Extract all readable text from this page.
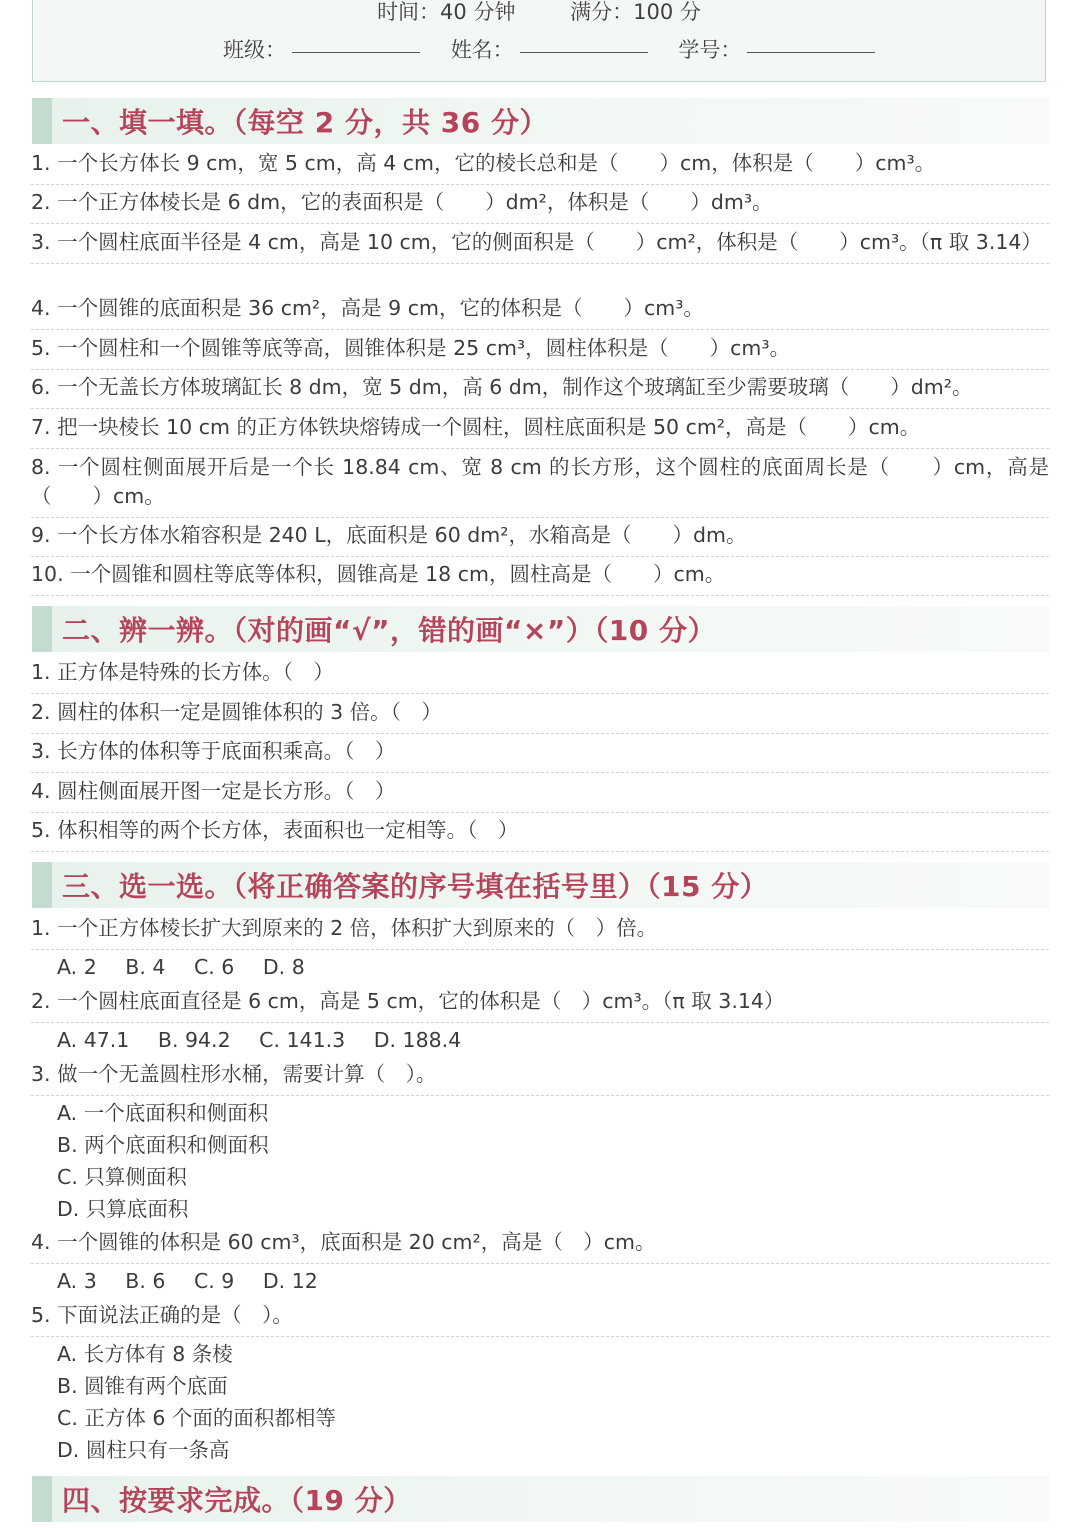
时间：40 分钟	满分：100 分
班级：	姓名：	学号：
一、填一填。（每空 2 分，共 36 分）
1. 一个长方体长 9 cm，宽 5 cm，高 4 cm，它的棱长总和是（　　）cm，体积是（　　）cm³。
2. 一个正方体棱长是 6 dm，它的表面积是（　　）dm²，体积是（　　）dm³。
3. 一个圆柱底面半径是 4 cm，高是 10 cm，它的侧面积是（　　）cm²，体积是（　　）cm³。（π 取 3.14）
4. 一个圆锥的底面积是 36 cm²，高是 9 cm，它的体积是（　　）cm³。
5. 一个圆柱和一个圆锥等底等高，圆锥体积是 25 cm³，圆柱体积是（　　）cm³。
6. 一个无盖长方体玻璃缸长 8 dm，宽 5 dm，高 6 dm，制作这个玻璃缸至少需要玻璃（　　）dm²。
7. 把一块棱长 10 cm 的正方体铁块熔铸成一个圆柱，圆柱底面积是 50 cm²，高是（　　）cm。
8. 一个圆柱侧面展开后是一个长 18.84 cm、宽 8 cm 的长方形，这个圆柱的底面周长是（　　）cm，高是（　　）cm。
9. 一个长方体水箱容积是 240 L，底面积是 60 dm²，水箱高是（　　）dm。
10. 一个圆锥和圆柱等底等体积，圆锥高是 18 cm，圆柱高是（　　）cm。
二、辨一辨。（对的画“√”，错的画“×”）（10 分）
1. 正方体是特殊的长方体。（　）
2. 圆柱的体积一定是圆锥体积的 3 倍。（　）
3. 长方体的体积等于底面积乘高。（　）
4. 圆柱侧面展开图一定是长方形。（　）
5. 体积相等的两个长方体，表面积也一定相等。（　）
三、选一选。（将正确答案的序号填在括号里）（15 分）
1. 一个正方体棱长扩大到原来的 2 倍，体积扩大到原来的（　）倍。
A. 2 B. 4 C. 6 D. 8
2. 一个圆柱底面直径是 6 cm，高是 5 cm，它的体积是（　）cm³。（π 取 3.14）
A. 47.1 B. 94.2 C. 141.3 D. 188.4
3. 做一个无盖圆柱形水桶，需要计算（　）。
A. 一个底面积和侧面积
B. 两个底面积和侧面积
C. 只算侧面积
D. 只算底面积
4. 一个圆锥的体积是 60 cm³，底面积是 20 cm²，高是（　）cm。
A. 3 B. 6 C. 9 D. 12
5. 下面说法正确的是（　）。
A. 长方体有 8 条棱
B. 圆锥有两个底面
C. 正方体 6 个面的面积都相等
D. 圆柱只有一条高
四、按要求完成。（19 分）
